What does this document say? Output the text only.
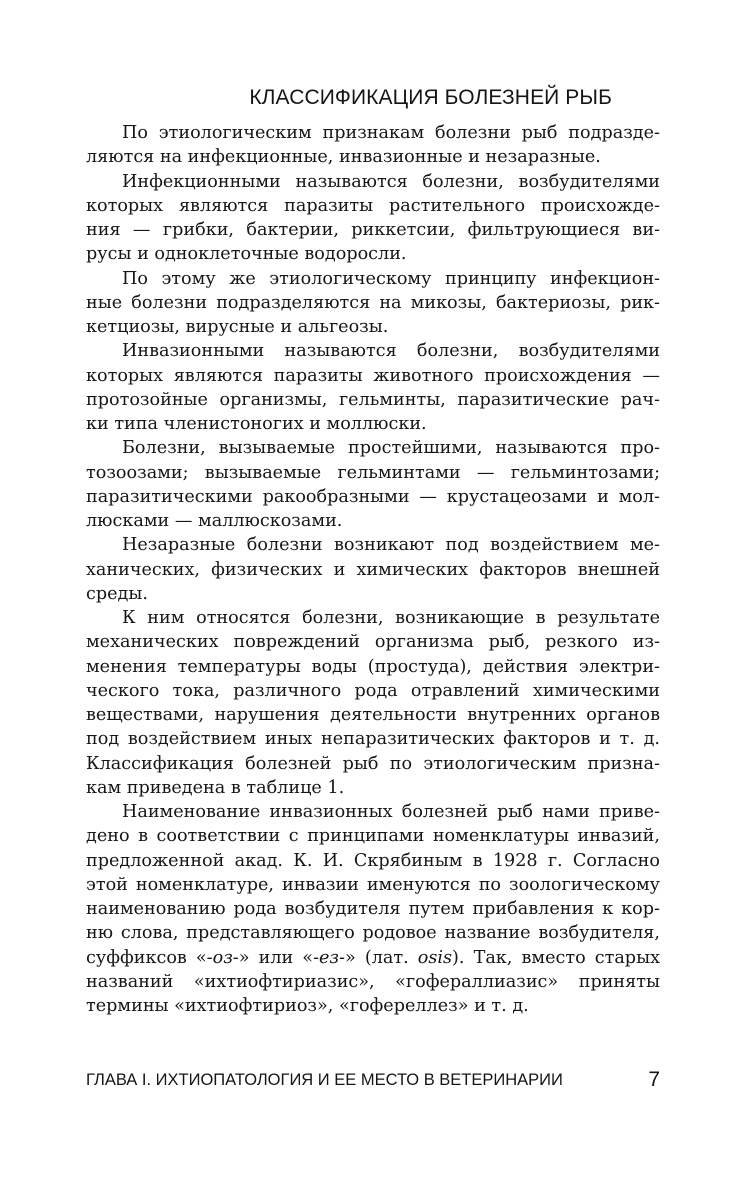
КЛАССИФИКАЦИЯ БОЛЕЗНЕЙ РЫБ

По этиологическим признакам болезни рыб подразде-
ляются на инфекционные, инвазионные и незаразные.

Инфекционными называются болезни, возбудителями
которых являются паразиты растительного происхожде-
ния — грибки, бактерии, риккетсии, фильтрующиеся ви-
русы и одноклеточные водоросли.

По этому же этиологическому принципу инфекцион-
ные болезни подразделяются на микозы, бактериозы, рик-
кетциозы, вирусные и альгеозы.

Инвазионными называются болезни, возбудителями
которых являются паразиты животного происхождения —
протозойные организмы, гельминты, паразитические рач-
ки типа членистоногих и моллюски.

Болезни, вызываемые простейшими, называются про-
тозоозами; вызываемые гельминтами — гельминтозами;
паразитическими ракообразными — крустацеозами и мол-
люсками — маллюскозами.

Незаразные болезни возникают под воздействием ме-
ханических, физических и химических факторов внешней
среды.

К ним относятся болезни, возникающие в результате
механических повреждений организма рыб, резкого из-
менения температуры воды (простуда), действия электри-
ческого тока, различного рода отравлений химическими
веществами, нарушения деятельности внутренних органов
под воздействием иных непаразитических факторов и т. д.
Классификация болезней рыб по этиологическим призна-
кам приведена в таблице 1.

Наименование инвазионных болезней рыб нами приве-
дено в соответствии с принципами номенклатуры инвазий,
предложенной акад. К. И. Скрябиным в 1928 г. Согласно
этой номенклатуре, инвазии именуются по зоологическому
наименованию рода возбудителя путем прибавления к кор-
ню слова, представляющего родовое название возбудителя,
суффиксов «-оз-» или «-ез-» (лат. osis). Так, вместо старых
названий «ихтиофтириазис», «гофераллиазис» приняты
термины «ихтиофтириоз», «гофереллез» и т. д.

ГЛАВА I. ИХТИОПАТОЛОГИЯ И ЕЕ МЕСТО В ВЕТЕРИНАРИИ	7
